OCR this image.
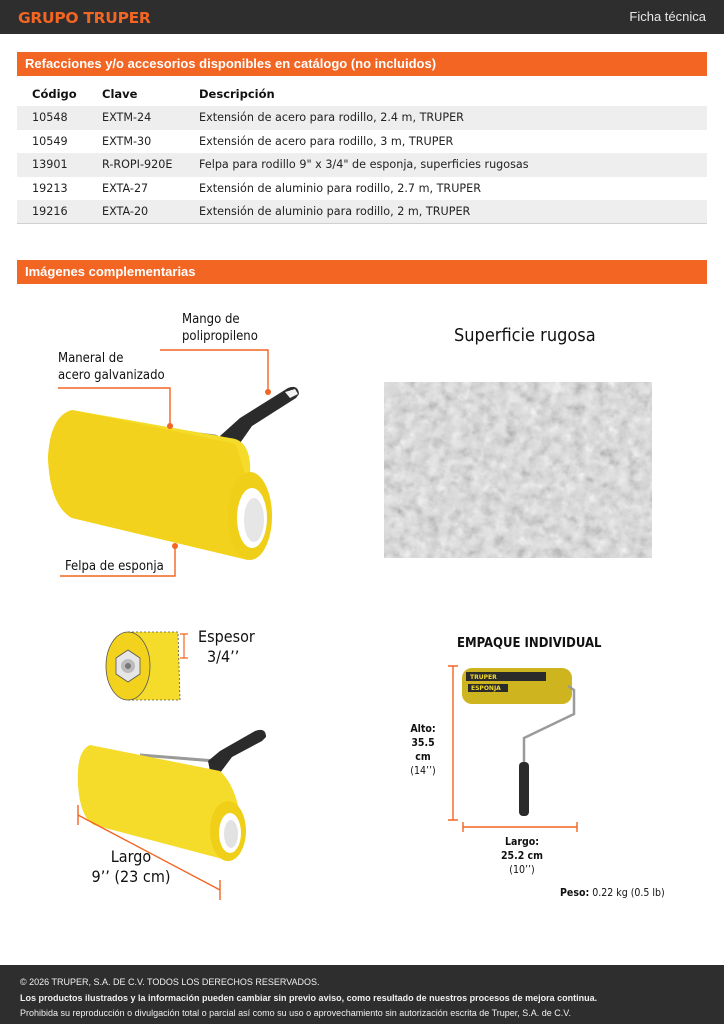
GRUPO TRUPER	Ficha técnica
Refacciones y/o accesorios disponibles en catálogo (no incluidos)
Código	Clave	Descripción
10548	EXTM-24	Extensión de acero para rodillo, 2.4 m, TRUPER
10549	EXTM-30	Extensión de acero para rodillo, 3 m, TRUPER
13901	R-ROPI-920E	Felpa para rodillo 9" x 3/4" de esponja, superficies rugosas
19213	EXTA-27	Extensión de aluminio para rodillo, 2.7 m, TRUPER
19216	EXTA-20	Extensión de aluminio para rodillo, 2 m, TRUPER
Imágenes complementarias
Mango de
polipropileno
Maneral de
acero galvanizado
Felpa de esponja
Superficie rugosa
Espesor
3/4’’
Largo
9’’ (23 cm)
EMPAQUE INDIVIDUAL
TRUPER
ESPONJA
Alto:
35.5 cm
(14’’)
Largo:
25.2 cm
(10’’)
Peso: 0.22 kg (0.5 lb)
© 2026 TRUPER, S.A. DE C.V. TODOS LOS DERECHOS RESERVADOS.
Los productos ilustrados y la información pueden cambiar sin previo aviso, como resultado de nuestros procesos de mejora continua.
Prohibida su reproducción o divulgación total o parcial así como su uso o aprovechamiento sin autorización escrita de Truper, S.A. de C.V.
